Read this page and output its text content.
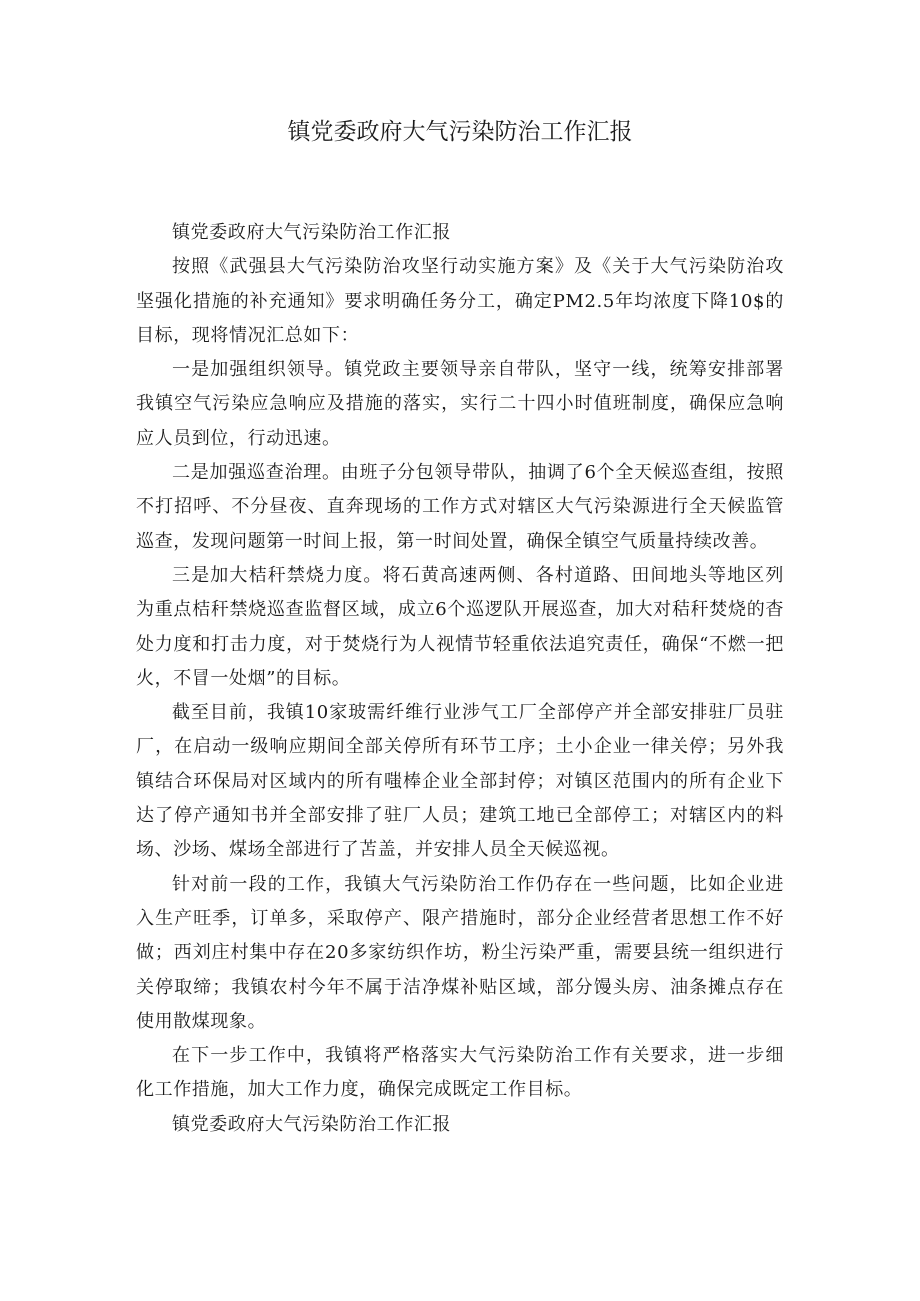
镇党委政府大气污染防治工作汇报

镇党委政府大气污染防治工作汇报

按照《武强县大气污染防治攻坚行动实施方案》及《关于大气污染防治攻坚强化措施的补充通知》要求明确任务分工，确定PM2.5年均浓度下降10$的目标，现将情况汇总如下：

一是加强组织领导。镇党政主要领导亲自带队，坚守一线，统筹安排部署我镇空气污染应急响应及措施的落实，实行二十四小时值班制度，确保应急响应人员到位，行动迅速。

二是加强巡查治理。由班子分包领导带队，抽调了6个全天候巡查组，按照不打招呼、不分昼夜、直奔现场的工作方式对辖区大气污染源进行全天候监管巡查，发现问题第一时间上报，第一时间处置，确保全镇空气质量持续改善。

三是加大桔秆禁烧力度。将石黄高速两侧、各村道路、田间地头等地区列为重点桔秆禁烧巡查监督区域，成立6个巡逻队开展巡查，加大对秸秆焚烧的杳处力度和打击力度，对于焚烧行为人视情节轻重依法追究责任，确保“不燃一把火，不冒一处烟”的目标。

截至目前，我镇10家玻需纤维行业涉气工厂全部停产并全部安排驻厂员驻厂，在启动一级响应期间全部关停所有环节工序；土小企业一律关停；另外我镇结合环保局对区域内的所有嗤棒企业全部封停；对镇区范围内的所有企业下达了停产通知书并全部安排了驻厂人员；建筑工地已全部停工；对辖区内的料场、沙场、煤场全部进行了苫盖，并安排人员全天候巡视。

针对前一段的工作，我镇大气污染防治工作仍存在一些问题，比如企业进入生产旺季，订单多，采取停产、限产措施时，部分企业经营者思想工作不好做；西刘庄村集中存在20多家纺织作坊，粉尘污染严重，需要县统一组织进行关停取缔；我镇农村今年不属于洁净煤补贴区域，部分馒头房、油条摊点存在使用散煤现象。

在下一步工作中，我镇将严格落实大气污染防治工作有关要求，进一步细化工作措施，加大工作力度，确保完成既定工作目标。

镇党委政府大气污染防治工作汇报
